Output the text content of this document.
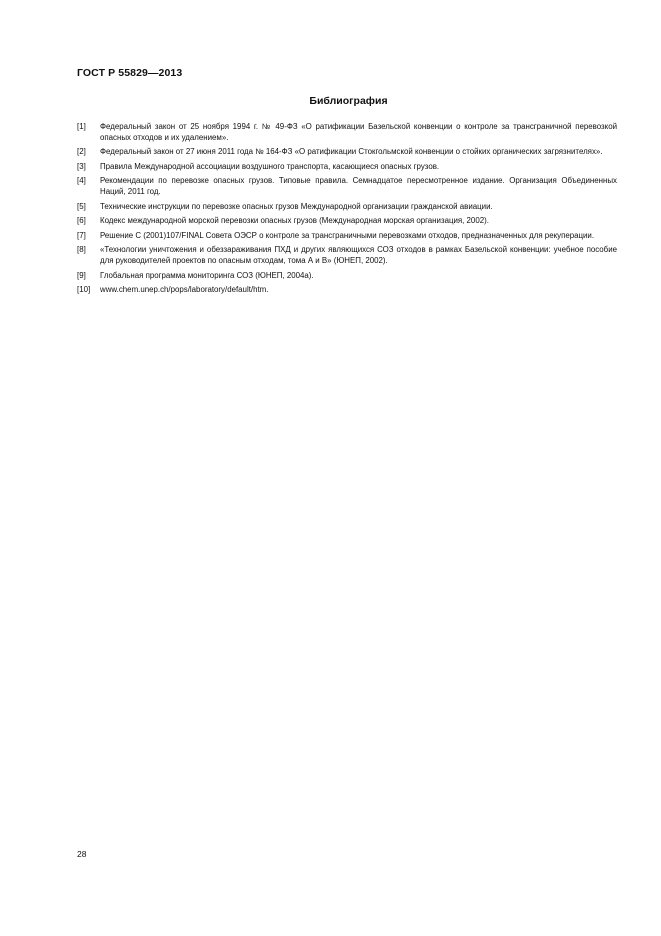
ГОСТ Р 55829—2013
Библиография
[1]	Федеральный закон от 25 ноября 1994 г. № 49-ФЗ «О ратификации Базельской конвенции о контроле за трансграничной перевозкой опасных отходов и их удалением».
[2]	Федеральный закон от 27 июня 2011 года № 164-ФЗ «О ратификации Стокгольмской конвенции о стойких органических загрязнителях».
[3]	Правила Международной ассоциации воздушного транспорта, касающиеся опасных грузов.
[4]	Рекомендации по перевозке опасных грузов. Типовые правила. Семнадцатое пересмотренное издание. Организация Объединенных Наций, 2011 год.
[5]	Технические инструкции по перевозке опасных грузов Международной организации гражданской авиации.
[6]	Кодекс международной морской перевозки опасных грузов (Международная морская организация, 2002).
[7]	Решение С (2001)107/FINAL Совета ОЭСР о контроле за трансграничными перевозками отходов, предназначенных для рекуперации.
[8]	«Технологии уничтожения и обеззараживания ПХД и других являющихся СОЗ отходов в рамках Базельской конвенции: учебное пособие для руководителей проектов по опасным отходам, тома А и В» (ЮНЕП, 2002).
[9]	Глобальная программа мониторинга СОЗ (ЮНЕП, 2004а).
[10]	www.chem.unep.ch/pops/laboratory/default/htm.
28
